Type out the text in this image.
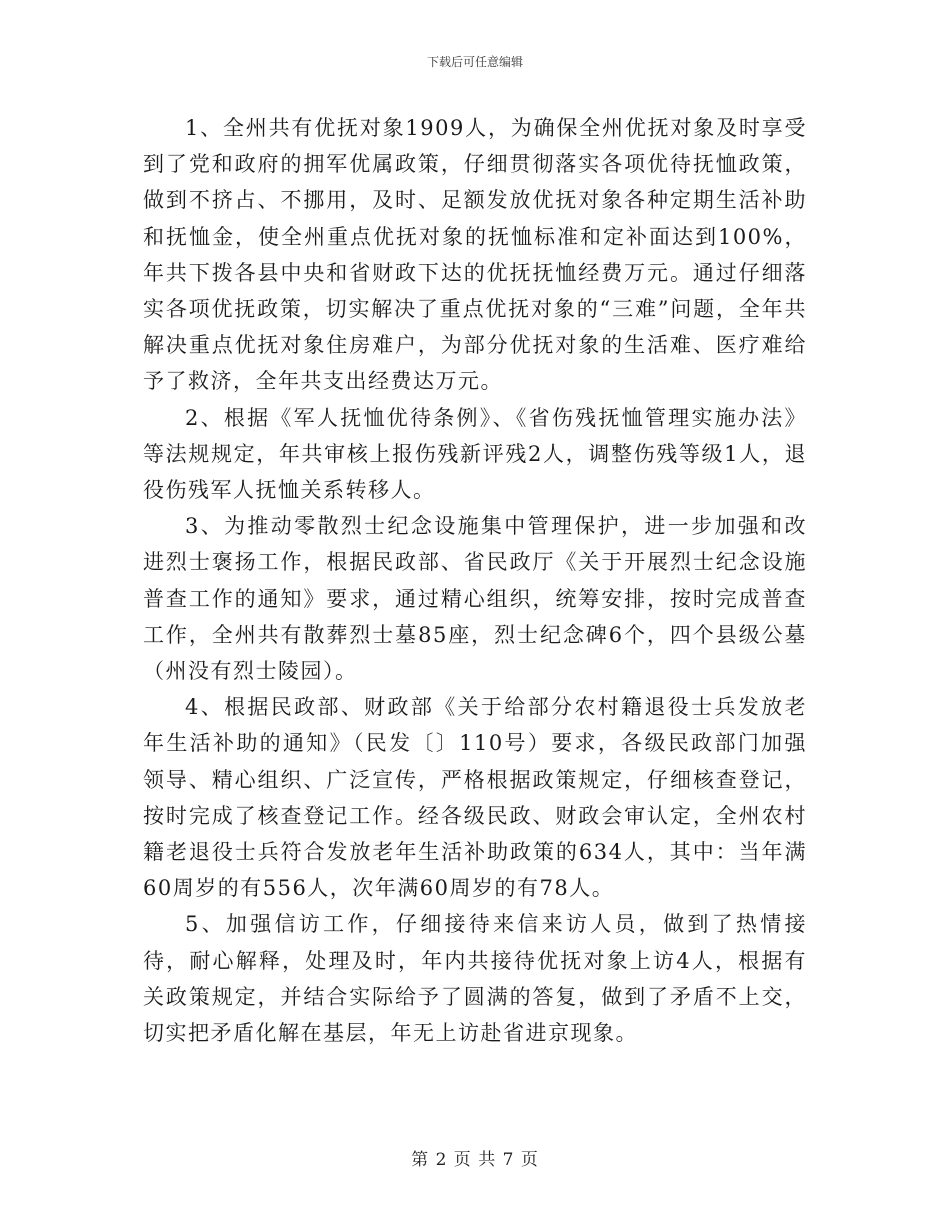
下载后可任意编辑

1、全州共有优抚对象1909人，为确保全州优抚对象及时享受到了党和政府的拥军优属政策，仔细贯彻落实各项优待抚恤政策，做到不挤占、不挪用，及时、足额发放优抚对象各种定期生活补助和抚恤金，使全州重点优抚对象的抚恤标准和定补面达到100%，年共下拨各县中央和省财政下达的优抚抚恤经费万元。通过仔细落实各项优抚政策，切实解决了重点优抚对象的“三难”问题，全年共解决重点优抚对象住房难户，为部分优抚对象的生活难、医疗难给予了救济，全年共支出经费达万元。

2、根据《军人抚恤优待条例》、《省伤残抚恤管理实施办法》等法规规定，年共审核上报伤残新评残2人，调整伤残等级1人，退役伤残军人抚恤关系转移人。

3、为推动零散烈士纪念设施集中管理保护，进一步加强和改进烈士褒扬工作，根据民政部、省民政厅《关于开展烈士纪念设施普查工作的通知》要求，通过精心组织，统筹安排，按时完成普查工作，全州共有散葬烈士墓85座，烈士纪念碑6个，四个县级公墓（州没有烈士陵园）。

4、根据民政部、财政部《关于给部分农村籍退役士兵发放老年生活补助的通知》（民发〔〕110号）要求，各级民政部门加强领导、精心组织、广泛宣传，严格根据政策规定，仔细核查登记，按时完成了核查登记工作。经各级民政、财政会审认定，全州农村籍老退役士兵符合发放老年生活补助政策的634人，其中：当年满60周岁的有556人，次年满60周岁的有78人。

5、加强信访工作，仔细接待来信来访人员，做到了热情接待，耐心解释，处理及时，年内共接待优抚对象上访4人，根据有关政策规定，并结合实际给予了圆满的答复，做到了矛盾不上交，切实把矛盾化解在基层，年无上访赴省进京现象。

第 2 页 共 7 页
